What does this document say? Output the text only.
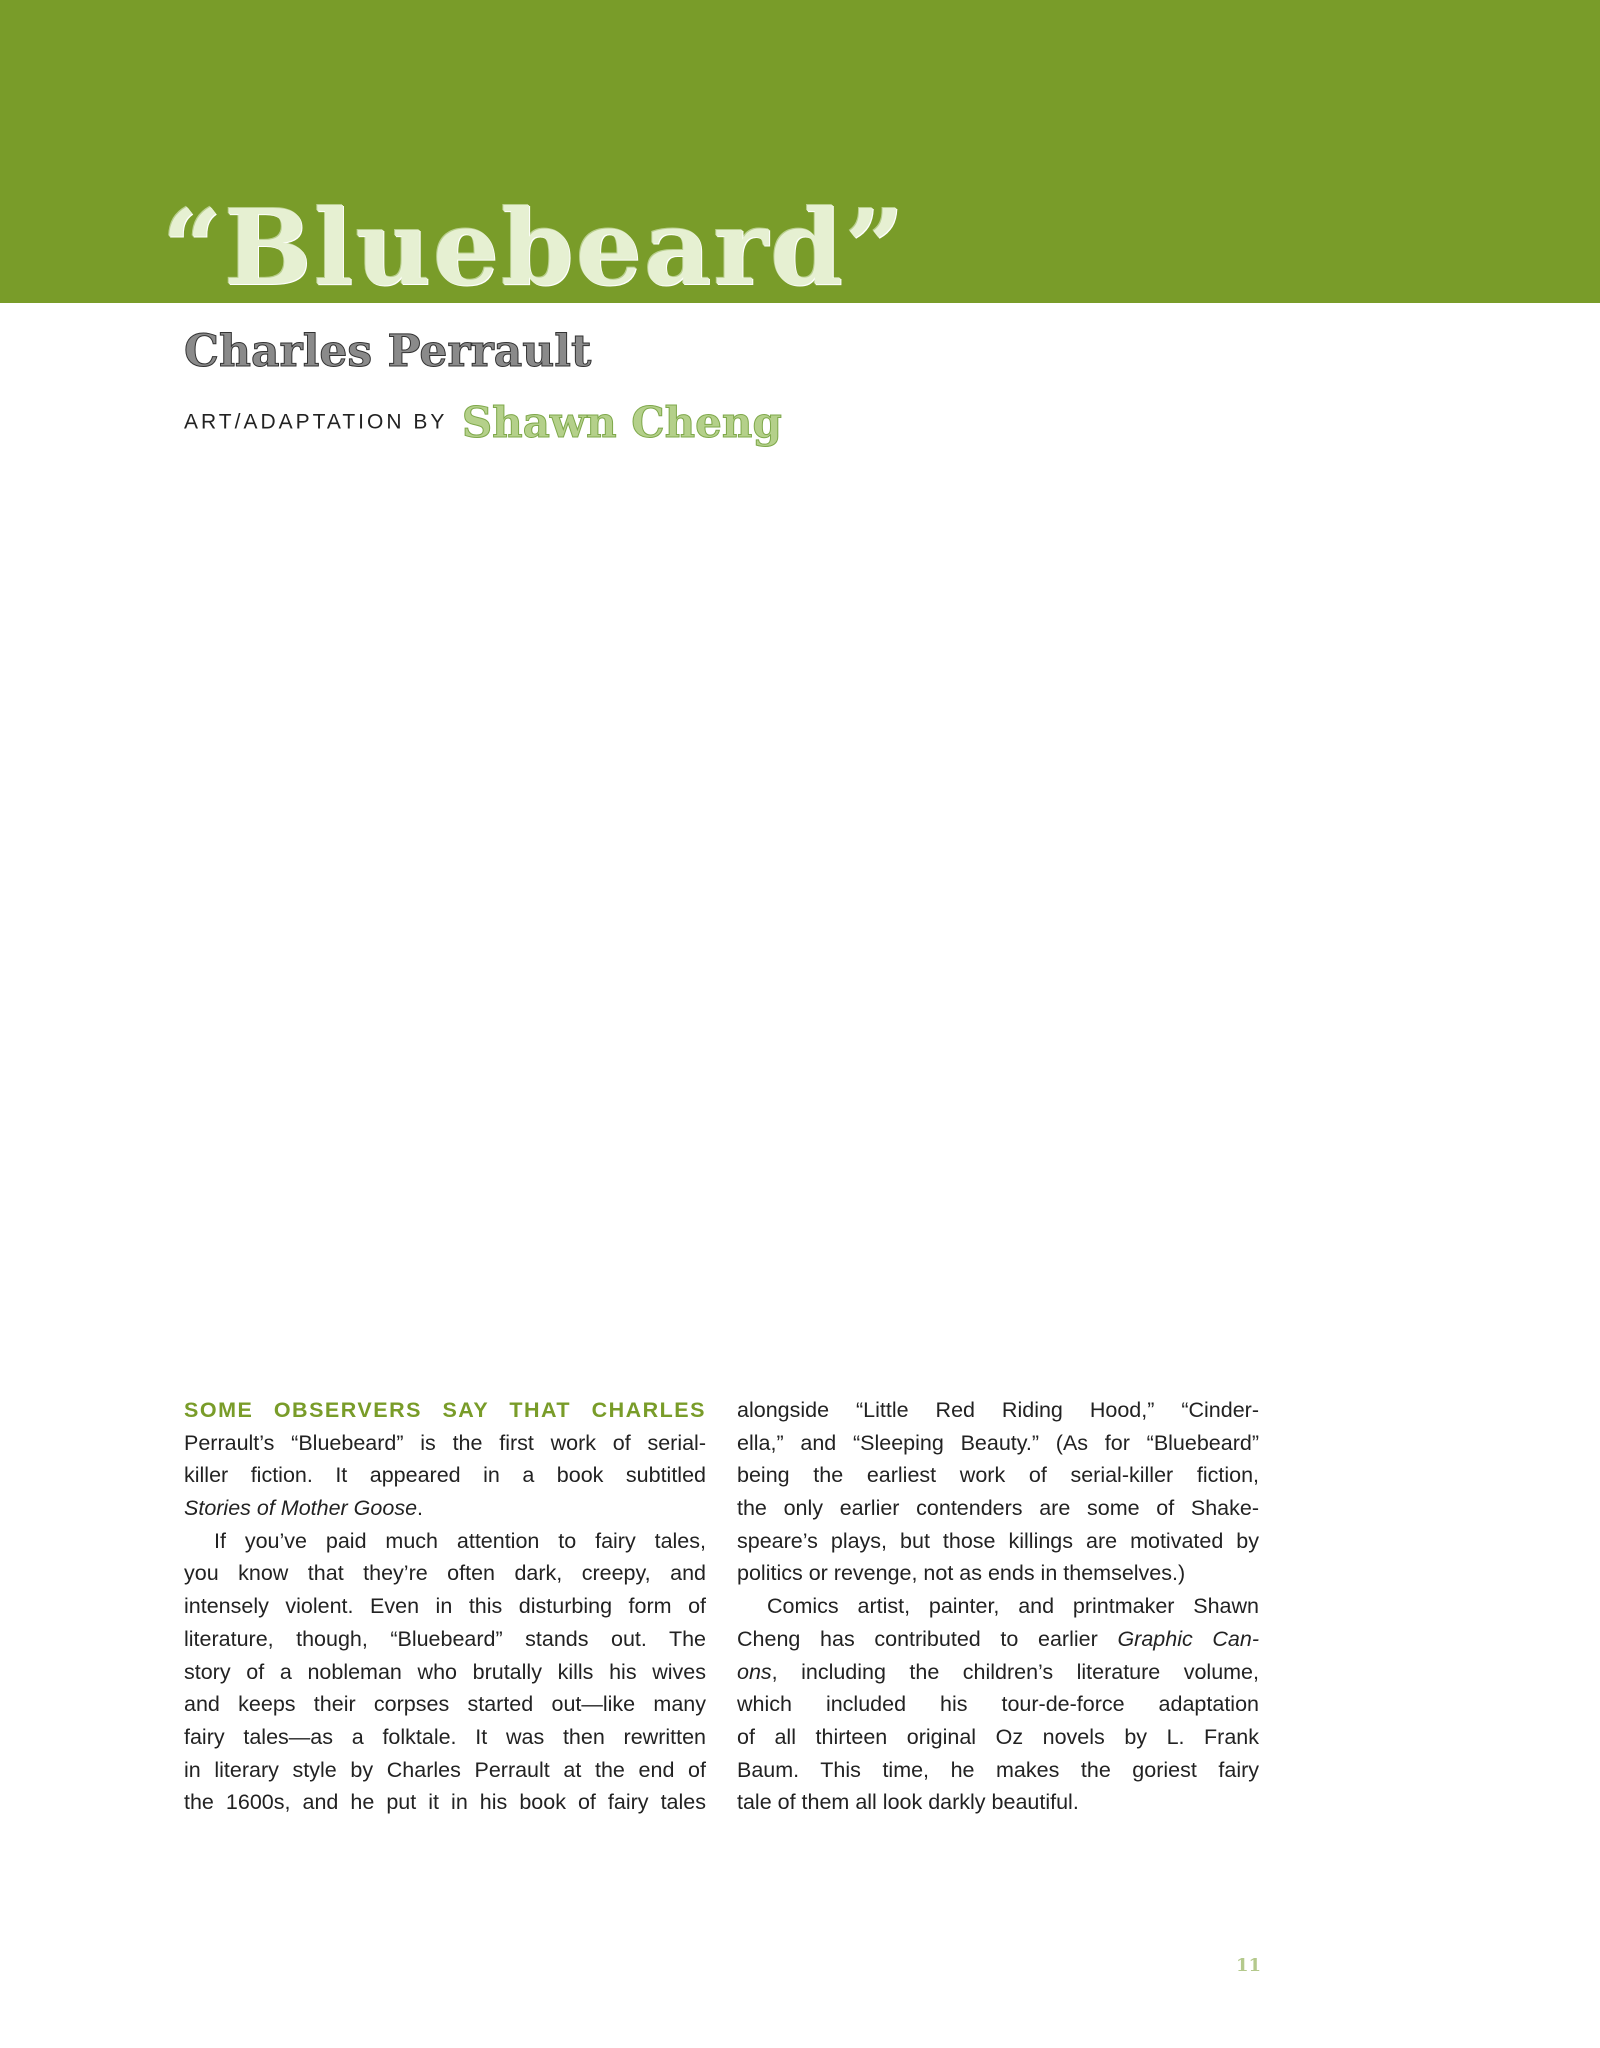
“Bluebeard”
Charles Perrault
ART/ADAPTATION BY Shawn Cheng
SOME OBSERVERS SAY THAT CHARLES
Perrault’s “Bluebeard” is the first work of serial-
killer fiction. It appeared in a book subtitled
Stories of Mother Goose.
If you’ve paid much attention to fairy tales,
you know that they’re often dark, creepy, and
intensely violent. Even in this disturbing form of
literature, though, “Bluebeard” stands out. The
story of a nobleman who brutally kills his wives
and keeps their corpses started out—like many
fairy tales—as a folktale. It was then rewritten
in literary style by Charles Perrault at the end of
the 1600s, and he put it in his book of fairy tales
alongside “Little Red Riding Hood,” “Cinder-
ella,” and “Sleeping Beauty.” (As for “Bluebeard”
being the earliest work of serial-killer fiction,
the only earlier contenders are some of Shake-
speare’s plays, but those killings are motivated by
politics or revenge, not as ends in themselves.)
Comics artist, painter, and printmaker Shawn
Cheng has contributed to earlier Graphic Can-
ons, including the children’s literature volume,
which included his tour-de-force adaptation
of all thirteen original Oz novels by L. Frank
Baum. This time, he makes the goriest fairy
tale of them all look darkly beautiful.
11
